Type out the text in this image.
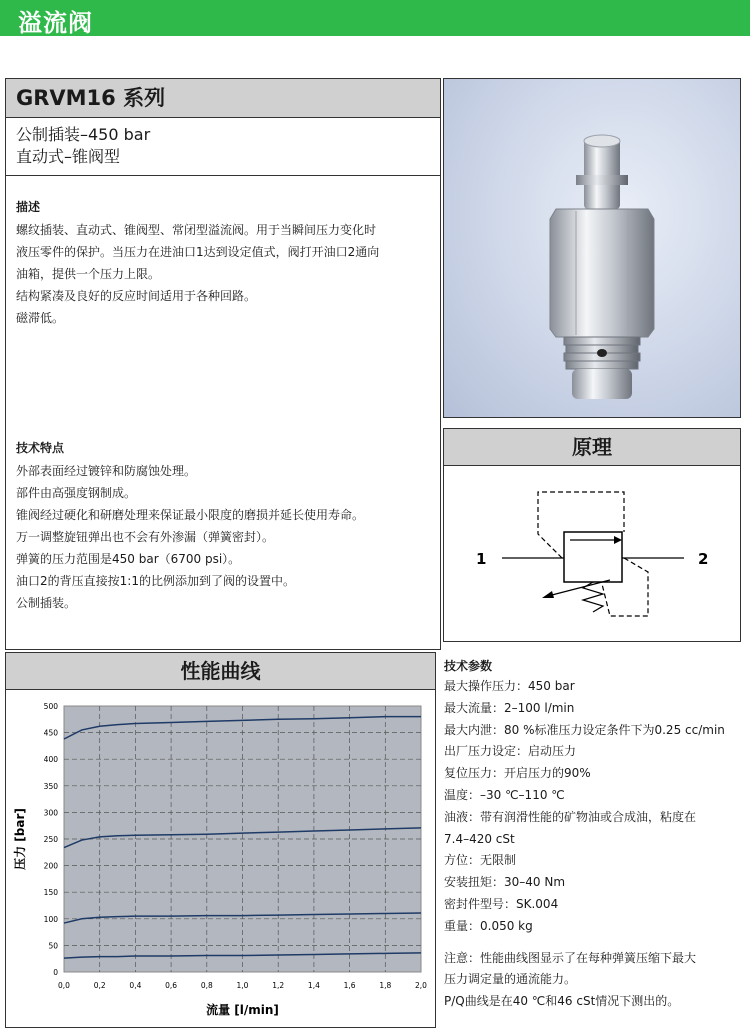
溢流阀
GRVM16 系列
公制插装–450 bar
直动式–锥阀型
描述
螺纹插装、直动式、锥阀型、常闭型溢流阀。用于当瞬间压力变化时
液压零件的保护。当压力在进油口1达到设定值式，阀打开油口2通向
油箱，提供一个压力上限。
结构紧凑及良好的反应时间适用于各种回路。
磁滞低。
技术特点
外部表面经过镀锌和防腐蚀处理。
部件由高强度钢制成。
锥阀经过硬化和研磨处理来保证最小限度的磨损并延长使用寿命。
万一调整旋钮弹出也不会有外渗漏（弹簧密封）。
弹簧的压力范围是450 bar（6700 psi）。
油口2的背压直接按1:1的比例添加到了阀的设置中。
公制插装。
原理
1	2
性能曲线
0
50
100
150
200
250
300
350
400
450
500
0,0	0,2	0,4	0,6	0,8	1,0	1,2	1,4	1,6	1,8	2,0
压力 [bar]
流量 [l/min]
技术参数
最大操作压力：450 bar
最大流量：2–100 l/min
最大内泄：80 %标准压力设定条件下为0.25 cc/min
出厂压力设定：启动压力
复位压力：开启压力的90%
温度：–30 ℃–110 ℃
油液：带有润滑性能的矿物油或合成油，粘度在
7.4–420 cSt
方位：无限制
安装扭矩：30–40 Nm
密封件型号：SK.004
重量：0.050 kg
注意：性能曲线图显示了在每种弹簧压缩下最大
压力调定量的通流能力。
P/Q曲线是在40 ℃和46 cSt情况下测出的。
